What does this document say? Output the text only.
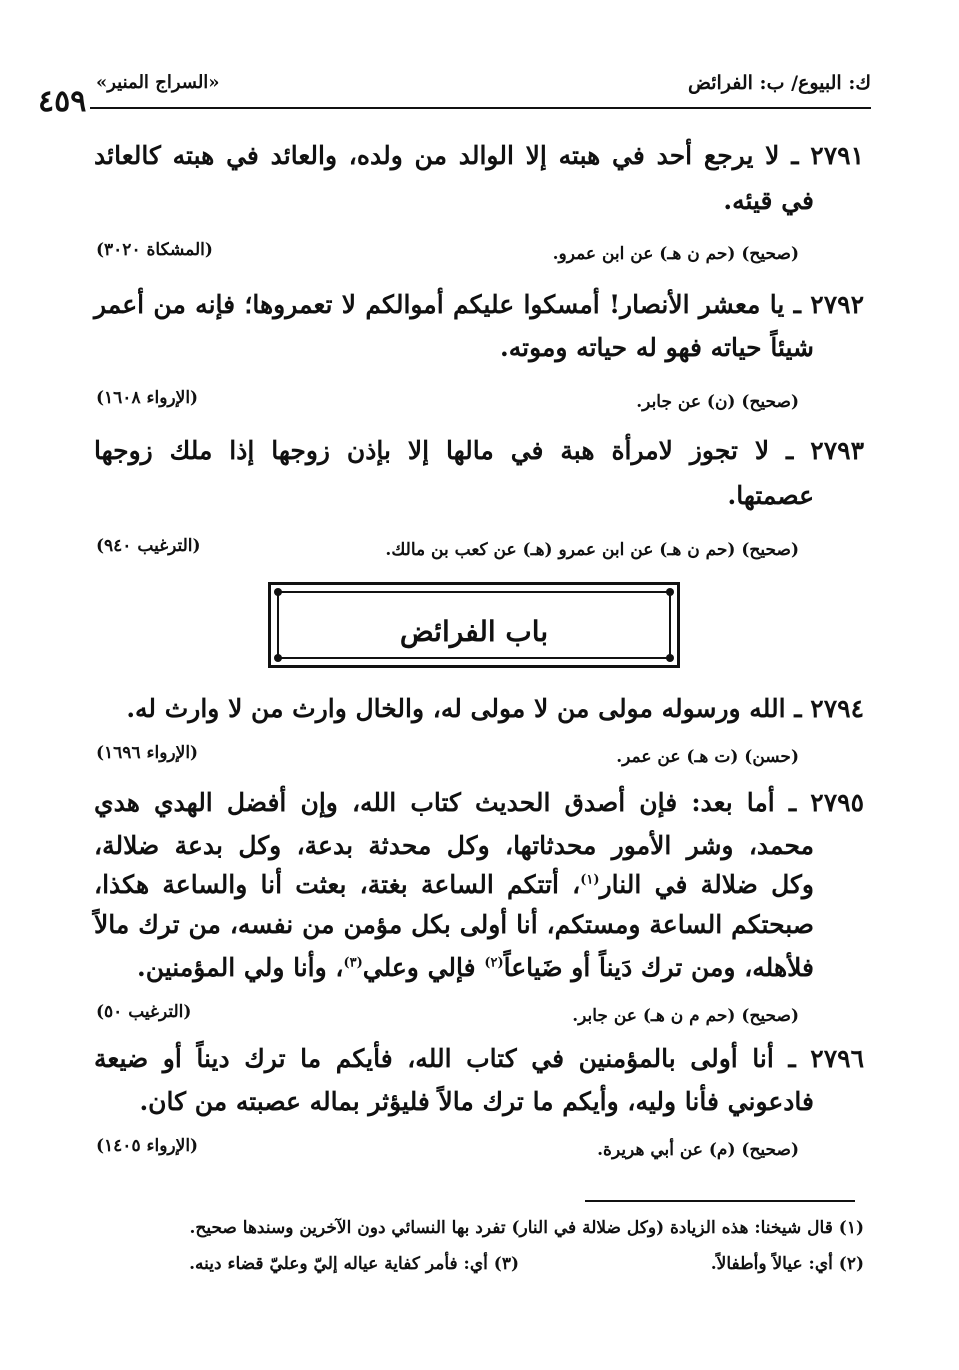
٤٥٩
«السراج المنير»	ك: البيوع/ ب: الفرائض
٢٧٩١ ـ لا يرجع أحد في هبته إلا الوالد من ولده، والعائد في هبته كالعائد
في قيئه.
(صحيح) (حم ن هـ) عن ابن عمرو.
(المشكاة ٣٠٢٠)
٢٧٩٢ ـ يا معشر الأنصار! أمسكوا عليكم أموالكم لا تعمروها؛ فإنه من أعمر
شيئاً حياته فهو له حياته وموته.
(صحيح) (ن) عن جابر.
(الإرواء ١٦٠٨)
٢٧٩٣ ـ لا تجوز لامرأة هبة في مالها إلا بإذن زوجها إذا ملك زوجها
عصمتها.
(صحيح) (حم ن هـ) عن ابن عمرو (هـ) عن كعب بن مالك.
(الترغيب ٩٤٠)
باب الفرائض
٢٧٩٤ ـ الله ورسوله مولى من لا مولى له، والخال وارث من لا وارث له.
(حسن) (ت هـ) عن عمر.
(الإرواء ١٦٩٦)
٢٧٩٥ ـ أما بعد: فإن أصدق الحديث كتاب الله، وإن أفضل الهدي هدي
محمد، وشر الأمور محدثاتها، وكل محدثة بدعة، وكل بدعة ضلالة،
وكل ضلالة في النار$^{(١)}$، أتتكم الساعة بغتة، بعثت أنا والساعة هكذا،
صبحتكم الساعة ومستكم، أنا أولى بكل مؤمن من نفسه، من ترك مالاً
فلأهله، ومن ترك دَيناً أو ضَياعاً$^{(٢)}$ فإلي وعلي$^{(٣)}$، وأنا ولي المؤمنين.
(صحيح) (حم م ن هـ) عن جابر.
(الترغيب ٥٠)
٢٧٩٦ ـ أنا أولى بالمؤمنين في كتاب الله، فأيكم ما ترك ديناً أو ضيعة
فادعوني فأنا وليه، وأيكم ما ترك مالاً فليؤثر بماله عصبته من كان.
(صحيح) (م) عن أبي هريرة.
(الإرواء ١٤٠٥)
(١) قال شيخنا: هذه الزيادة (وكل ضلالة في النار) تفرد بها النسائي دون الآخرين وسندها صحيح.
(٢) أي: عيالاً وأطفالاً.
(٣) أي: فأمر كفاية عياله إليّ وعليّ قضاء دينه.
